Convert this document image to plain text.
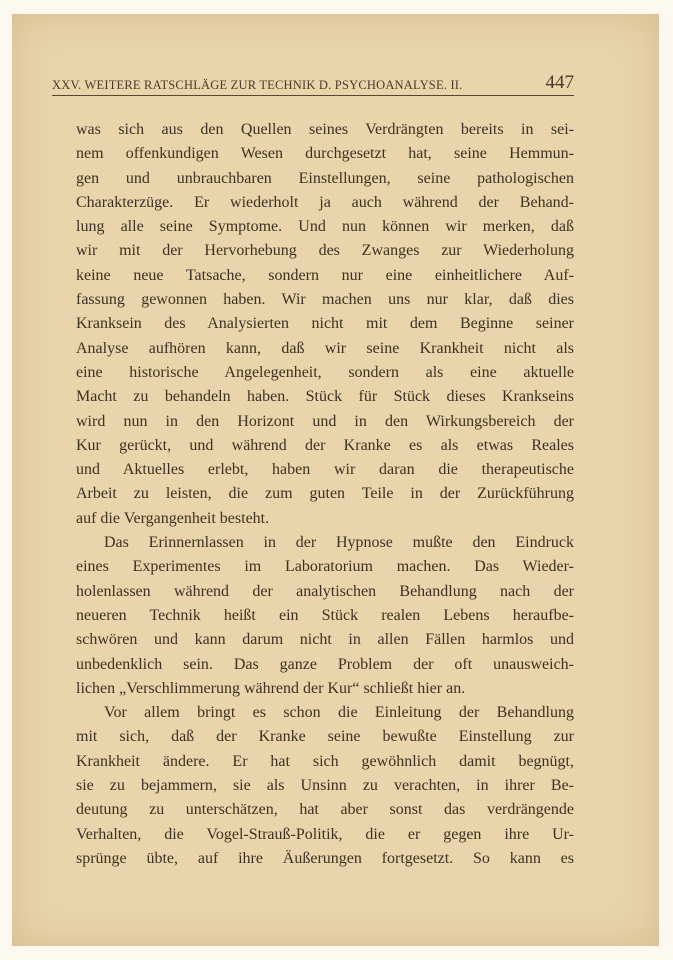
XXV. WEITERE RATSCHLÄGE ZUR TECHNIK D. PSYCHOANALYSE. II.	447
was sich aus den Quellen seines Verdrängten bereits in sei-
nem offenkundigen Wesen durchgesetzt hat, seine Hemmun-
gen und unbrauchbaren Einstellungen, seine pathologischen
Charakterzüge. Er wiederholt ja auch während der Behand-
lung alle seine Symptome. Und nun können wir merken, daß
wir mit der Hervorhebung des Zwanges zur Wiederholung
keine neue Tatsache, sondern nur eine einheitlichere Auf-
fassung gewonnen haben. Wir machen uns nur klar, daß dies
Kranksein des Analysierten nicht mit dem Beginne seiner
Analyse aufhören kann, daß wir seine Krankheit nicht als
eine historische Angelegenheit, sondern als eine aktuelle
Macht zu behandeln haben. Stück für Stück dieses Krankseins
wird nun in den Horizont und in den Wirkungsbereich der
Kur gerückt, und während der Kranke es als etwas Reales
und Aktuelles erlebt, haben wir daran die therapeutische
Arbeit zu leisten, die zum guten Teile in der Zurückführung
auf die Vergangenheit besteht.
Das Erinnernlassen in der Hypnose mußte den Eindruck
eines Experimentes im Laboratorium machen. Das Wieder-
holenlassen während der analytischen Behandlung nach der
neueren Technik heißt ein Stück realen Lebens heraufbe-
schwören und kann darum nicht in allen Fällen harmlos und
unbedenklich sein. Das ganze Problem der oft unausweich-
lichen „Verschlimmerung während der Kur“ schließt hier an.
Vor allem bringt es schon die Einleitung der Behandlung
mit sich, daß der Kranke seine bewußte Einstellung zur
Krankheit ändere. Er hat sich gewöhnlich damit begnügt,
sie zu bejammern, sie als Unsinn zu verachten, in ihrer Be-
deutung zu unterschätzen, hat aber sonst das verdrängende
Verhalten, die Vogel-Strauß-Politik, die er gegen ihre Ur-
sprünge übte, auf ihre Äußerungen fortgesetzt. So kann es
